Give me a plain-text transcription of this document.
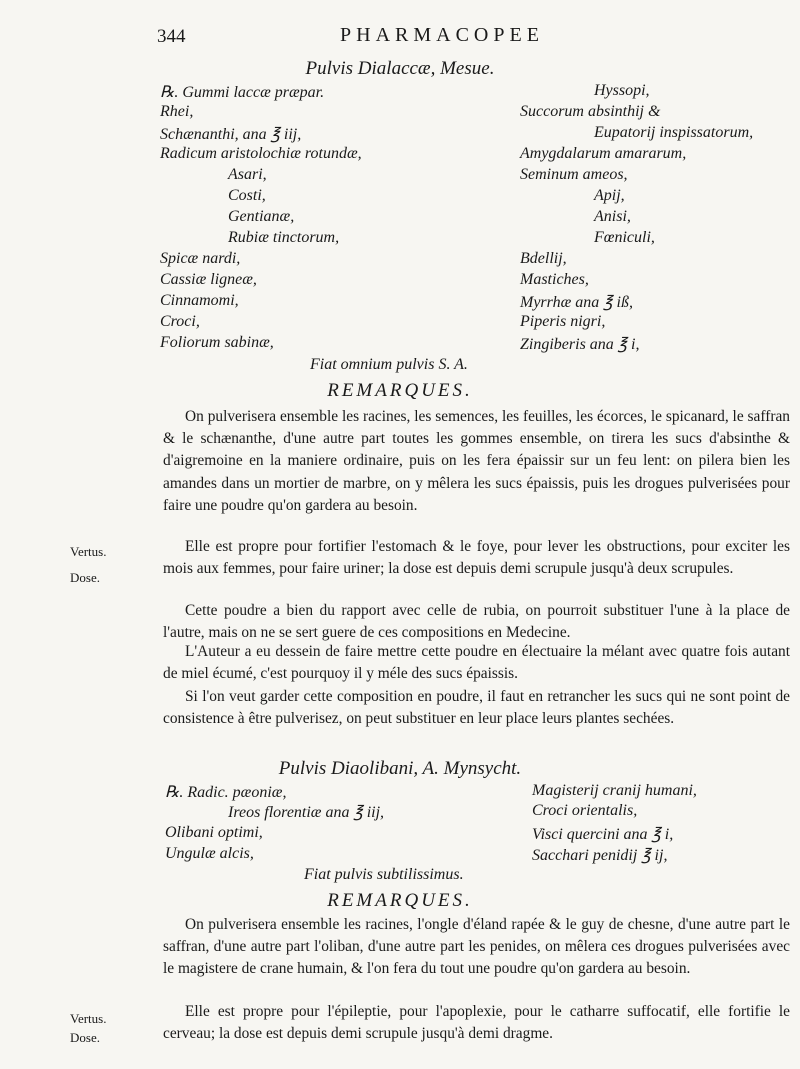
344	PHARMACOPEE
Pulvis Dialaccæ, Mesue.
℞. Gummi laccæ præpar.
Rhei,
Schænanthi, ana ℥ iij,
Radicum aristolochiæ rotundæ,
Asari,
Costi,
Gentianæ,
Rubiæ tinctorum,
Spicæ nardi,
Cassiæ ligneæ,
Cinnamomi,
Croci,
Foliorum sabinæ,
Hyssopi,
Succorum absinthij &
Eupatorij inspissatorum,
Amygdalarum amararum,
Seminum ameos,
Apij,
Anisi,
Fœniculi,
Bdellij,
Mastiches,
Myrrhæ ana ℥ iß,
Piperis nigri,
Zingiberis ana ℥ i,
Fiat omnium pulvis S. A.
REMARQUES.

On pulverisera ensemble les racines, les semences, les feuilles, les écorces, le spicanard, le saffran & le schænanthe, d'une autre part toutes les gommes ensemble, on tirera les sucs d'absinthe & d'aigremoine en la maniere ordinaire, puis on les fera épaissir sur un feu lent: on pilera bien les amandes dans un mortier de marbre, on y mêlera les sucs épaissis, puis les drogues pulverisées pour faire une poudre qu'on gardera au besoin.

Elle est propre pour fortifier l'estomach & le foye, pour lever les obstructions, pour exciter les mois aux femmes, pour faire uriner; la dose est depuis demi scrupule jusqu'à deux scrupules.

Cette poudre a bien du rapport avec celle de rubia, on pourroit substituer l'une à la place de l'autre, mais on ne se sert guere de ces compositions en Medecine.

L'Auteur a eu dessein de faire mettre cette poudre en électuaire la mélant avec quatre fois autant de miel écumé, c'est pourquoy il y méle des sucs épaissis.

Si l'on veut garder cette composition en poudre, il faut en retrancher les sucs qui ne sont point de consistence à être pulverisez, on peut substituer en leur place leurs plantes sechées.

Vertus.
Dose.
Pulvis Diaolibani, A. Mynsycht.
℞. Radic. pæoniæ,
Ireos florentiæ ana ℥ iij,
Olibani optimi,
Ungulæ alcis,
Magisterij cranij humani,
Croci orientalis,
Visci quercini ana ℥ i,
Sacchari penidij ℥ ij,
Fiat pulvis subtilissimus.
REMARQUES.

On pulverisera ensemble les racines, l'ongle d'éland rapée & le guy de chesne, d'une autre part le saffran, d'une autre part l'oliban, d'une autre part les penides, on mêlera ces drogues pulverisées avec le magistere de crane humain, & l'on fera du tout une poudre qu'on gardera au besoin.

Elle est propre pour l'épileptie, pour l'apoplexie, pour le catharre suffocatif, elle fortifie le cerveau; la dose est depuis demi scrupule jusqu'à demi dragme.

Vertus.
Dose.
